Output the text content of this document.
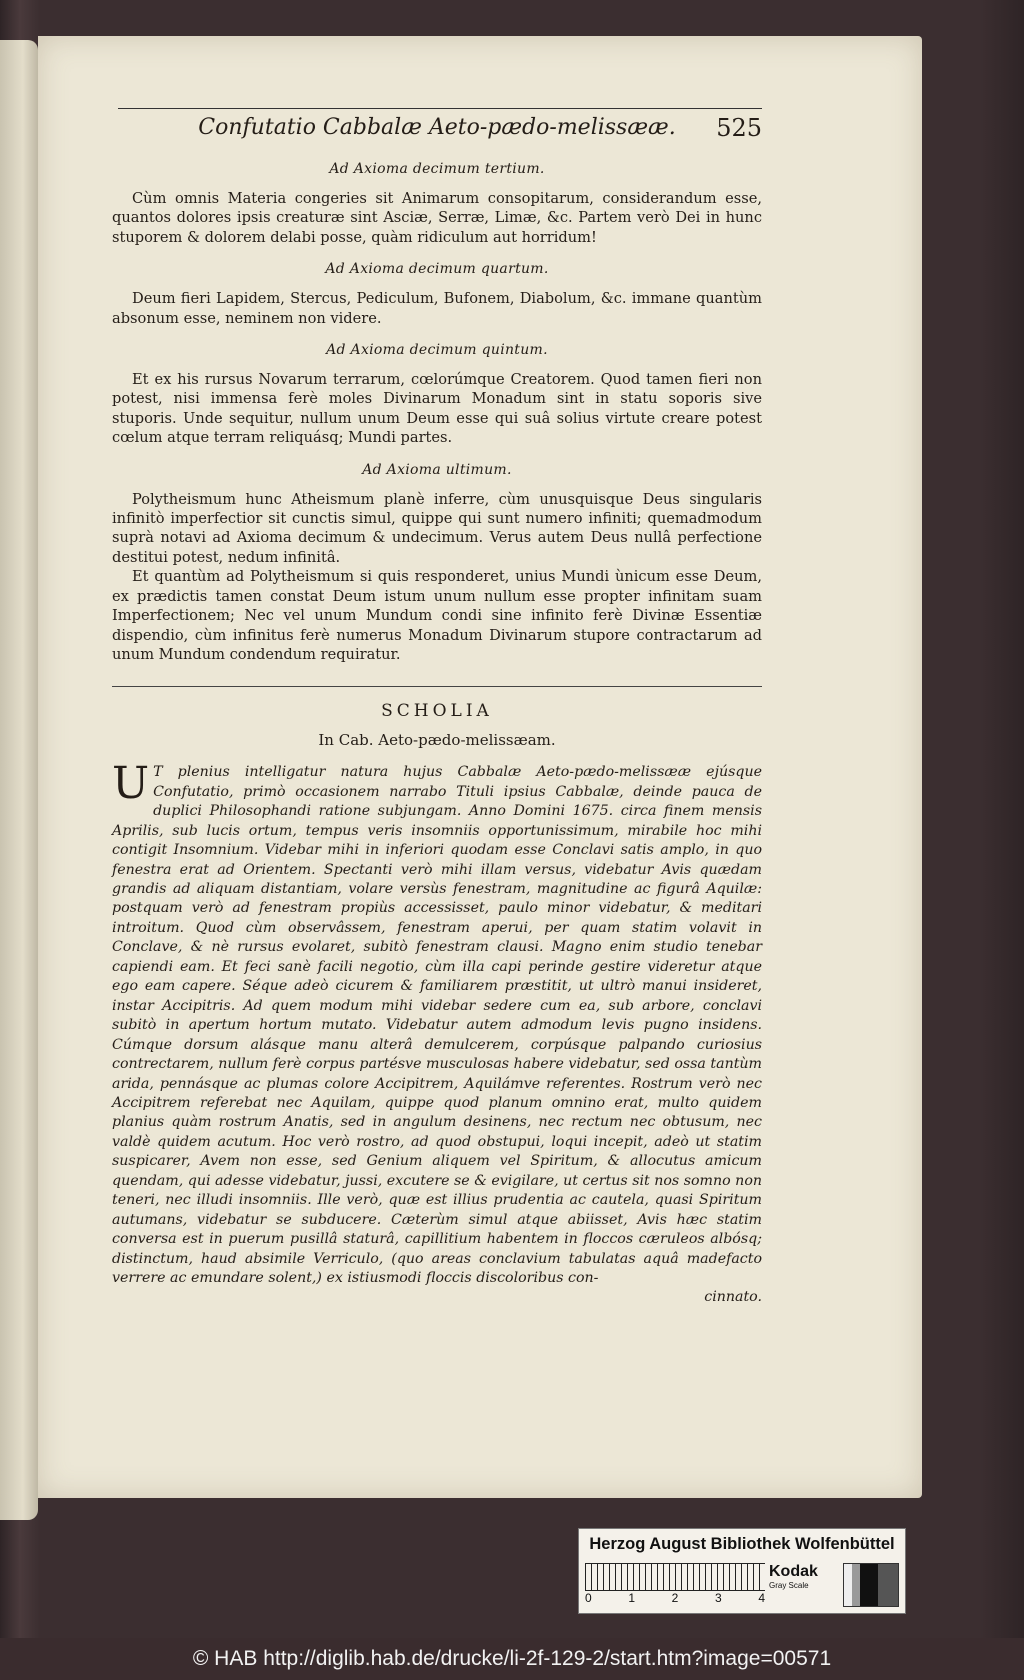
Confutatio Cabbalæ Aeto-pædo-melissææ. 525
Ad Axioma decimum tertium.

Cùm omnis Materia congeries sit Animarum consopitarum, considerandum esse, quantos dolores ipsis creaturæ sint Asciæ, Serræ, Limæ, &c. Partem verò Dei in hunc stuporem & dolorem delabi posse, quàm ridiculum aut horridum!

Ad Axioma decimum quartum.

Deum fieri Lapidem, Stercus, Pediculum, Bufonem, Diabolum, &c. immane quantùm absonum esse, neminem non videre.

Ad Axioma decimum quintum.

Et ex his rursus Novarum terrarum, cœlorúmque Creatorem. Quod tamen fieri non potest, nisi immensa ferè moles Divinarum Monadum sint in statu soporis sive stuporis. Unde sequitur, nullum unum Deum esse qui suâ solius virtute creare potest cœlum atque terram reliquásq; Mundi partes.

Ad Axioma ultimum.

Polytheismum hunc Atheismum planè inferre, cùm unusquisque Deus singularis infinitò imperfectior sit cunctis simul, quippe qui sunt numero infiniti; quemadmodum suprà notavi ad Axioma decimum & undecimum. Verus autem Deus nullâ perfectione destitui potest, nedum infinitâ.

Et quantùm ad Polytheismum si quis responderet, unius Mundi ùnicum esse Deum, ex prædictis tamen constat Deum istum unum nullum esse propter infinitam suam Imperfectionem; Nec vel unum Mundum condi sine infinito ferè Divinæ Essentiæ dispendio, cùm infinitus ferè numerus Monadum Divinarum stupore contractarum ad unum Mundum condendum requiratur.

SCHOLIA
In Cab. Aeto-pædo-melissæam.

U T plenius intelligatur natura hujus Cabbalæ Aeto-pædo-melissææ ejúsque Confutatio, primò occasionem narrabo Tituli ipsius Cabbalæ, deinde pauca de duplici Philosophandi ratione subjungam. Anno Domini 1675. circa finem mensis Aprilis, sub lucis ortum, tempus veris insomniis opportunissimum, mirabile hoc mihi contigit Insomnium. Videbar mihi in inferiori quodam esse Conclavi satis amplo, in quo fenestra erat ad Orientem. Spectanti verò mihi illam versus, videbatur Avis quædam grandis ad aliquam distantiam, volare versùs fenestram, magnitudine ac figurâ Aquilæ: postquam verò ad fenestram propiùs accessisset, paulo minor videbatur, & meditari introitum. Quod cùm observâssem, fenestram aperui, per quam statim volavit in Conclave, & nè rursus evolaret, subitò fenestram clausi. Magno enim studio tenebar capiendi eam. Et feci sanè facili negotio, cùm illa capi perinde gestire videretur atque ego eam capere. Séque adeò cicurem & familiarem præstitit, ut ultrò manui insideret, instar Accipitris. Ad quem modum mihi videbar sedere cum ea, sub arbore, conclavi subitò in apertum hortum mutato. Videbatur autem admodum levis pugno insidens. Cúmque dorsum alásque manu alterâ demulcerem, corpúsque palpando curiosius contrectarem, nullum ferè corpus partésve musculosas habere videbatur, sed ossa tantùm arida, pennásque ac plumas colore Accipitrem, Aquilámve referentes. Rostrum verò nec Accipitrem referebat nec Aquilam, quippe quod planum omnino erat, multo quidem planius quàm rostrum Anatis, sed in angulum desinens, nec rectum nec obtusum, nec valdè quidem acutum. Hoc verò rostro, ad quod obstupui, loqui incepit, adeò ut statim suspicarer, Avem non esse, sed Genium aliquem vel Spiritum, & allocutus amicum quendam, qui adesse videbatur, jussi, excutere se & evigilare, ut certus sit nos somno non teneri, nec illudi insomniis. Ille verò, quæ est illius prudentia ac cautela, quasi Spiritum autumans, videbatur se subducere. Cæterùm simul atque abiisset, Avis hæc statim conversa est in puerum pusillâ staturâ, capillitium habentem in floccos cæruleos albósq; distinctum, haud absimile Verriculo, (quo areas conclavium tabulatas aquâ madefacto verrere ac emundare solent,) ex istiusmodi floccis discoloribus con-

cinnato.
Herzog August Bibliothek Wolfenbüttel
0	1	2	3	4
Kodak
Gray Scale
© HAB http://diglib.hab.de/drucke/li-2f-129-2/start.htm?image=00571
